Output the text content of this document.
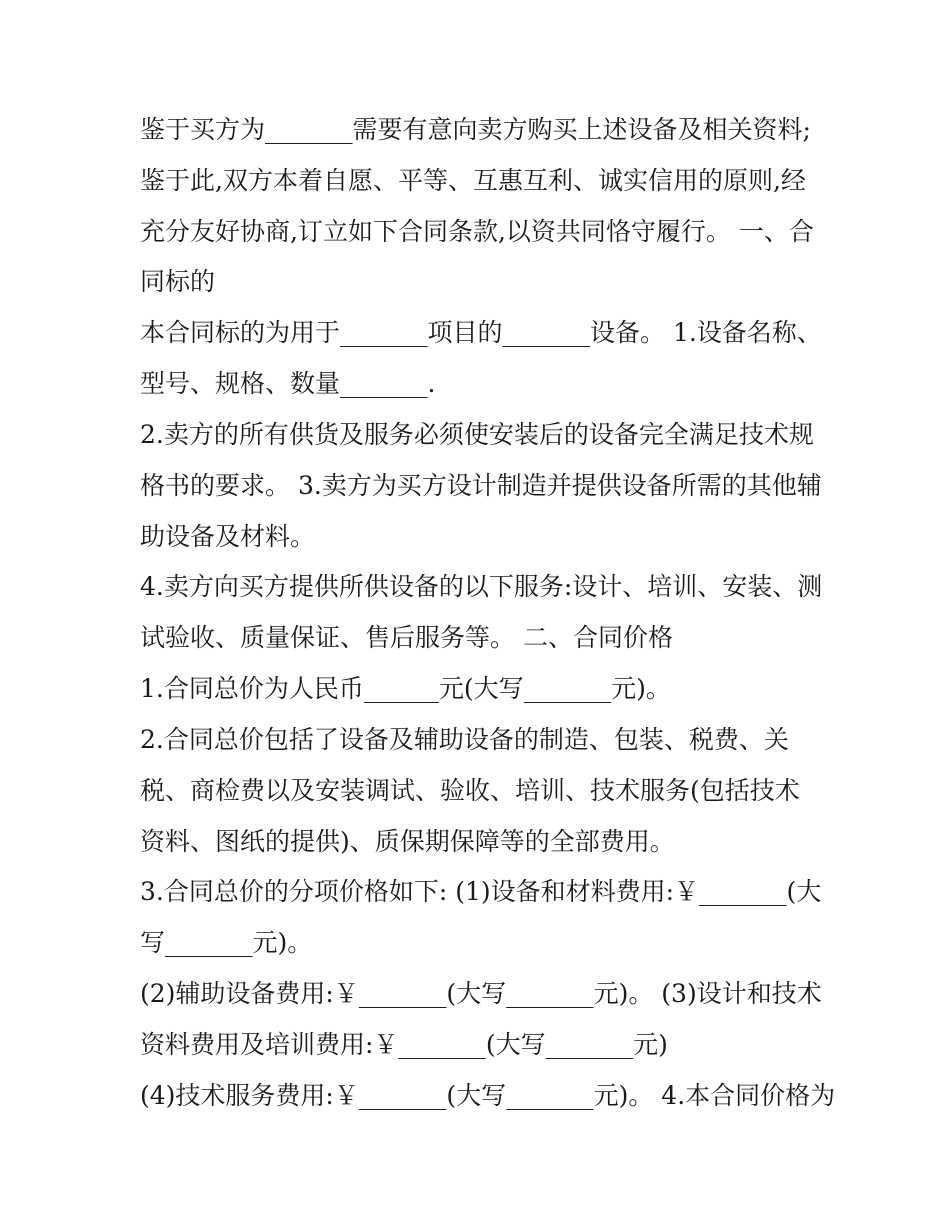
鉴于买方为_______需要有意向卖方购买上述设备及相关资料;
鉴于此,双方本着自愿、平等、互惠互利、诚实信用的原则,经
充分友好协商,订立如下合同条款,以资共同恪守履行。 一、合
同标的
本合同标的为用于_______项目的_______设备。 1.设备名称、
型号、规格、数量_______.
2.卖方的所有供货及服务必须使安装后的设备完全满足技术规
格书的要求。 3.卖方为买方设计制造并提供设备所需的其他辅
助设备及材料。
4.卖方向买方提供所供设备的以下服务:设计、培训、安装、测
试验收、质量保证、售后服务等。 二、合同价格
1.合同总价为人民币______元(大写_______元)。
2.合同总价包括了设备及辅助设备的制造、包装、税费、关
税、商检费以及安装调试、验收、培训、技术服务(包括技术
资料、图纸的提供)、质保期保障等的全部费用。
3.合同总价的分项价格如下: (1)设备和材料费用:￥_______(大
写_______元)。
(2)辅助设备费用:￥_______(大写_______元)。 (3)设计和技术
资料费用及培训费用:￥_______(大写_______元)
(4)技术服务费用:￥_______(大写_______元)。 4.本合同价格为
